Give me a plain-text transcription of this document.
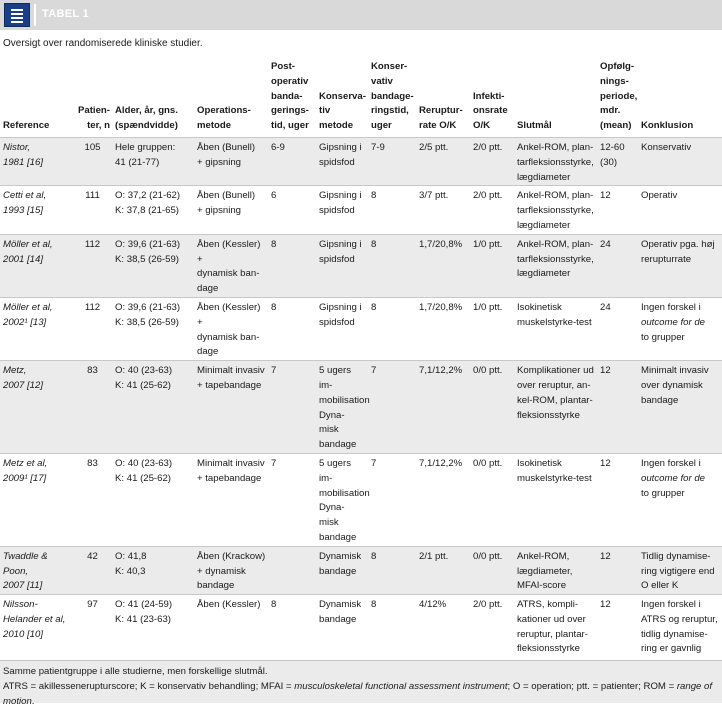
TABEL 1
Oversigt over randomiserede kliniske studier.
Reference	Patien-
ter, n	Alder, år, gns.
(spændvidde)	Operations-
metode	Post-
operativ
banda-
gerings-
tid, uger	Konserva-
tiv metode	Konser-
vativ
bandage-
ringstid,
uger	Reruptur-
rate O/K	Infekti-
onsrate
O/K	Slutmål	Opfølg-
nings-
periode,
mdr.
(mean)	Konklusion
Nistor,
1981 [16]	105	Hele gruppen:
41 (21-77)	Åben (Bunell)
+ gipsning	6-9	Gipsning i
spidsfod	7-9	2/5 ptt.	2/0 ptt.	Ankel-ROM, plan-
tarfleksionsstyrke,
lægdiameter	12-60
(30)	Konservativ
Cetti et al,
1993 [15]	111	O: 37,2 (21-62)
K: 37,8 (21-65)	Åben (Bunell)
+ gipsning	6	Gipsning i
spidsfod	8	3/7 ptt.	2/0 ptt.	Ankel-ROM, plan-
tarfleksionsstyrke,
lægdiameter	12	Operativ
Möller et al,
2001 [14]	112	O: 39,6 (21-63)
K: 38,5 (26-59)	Åben (Kessler) +
dynamisk ban-
dage	8	Gipsning i
spidsfod	8	1,7/20,8%	1/0 ptt.	Ankel-ROM, plan-
tarfleksionsstyrke,
lægdiameter	24	Operativ pga. høj
rerupturrate
Möller et al,
2002¹ [13]	112	O: 39,6 (21-63)
K: 38,5 (26-59)	Åben (Kessler) +
dynamisk ban-
dage	8	Gipsning i
spidsfod	8	1,7/20,8%	1/0 ptt.	Isokinetisk
muskelstyrke-test	24	Ingen forskel i
outcome for de
to grupper
Metz,
2007 [12]	83	O: 40 (23-63)
K: 41 (25-62)	Minimalt invasiv
+ tapebandage	7	5 ugers im-
mobilisation
Dyna-
misk
bandage	7	7,1/12,2%	0/0 ptt.	Komplikationer ud
over reruptur, an-
kel-ROM, plantar-
fleksionsstyrke	12	Minimalt invasiv
over dynamisk
bandage
Metz et al,
2009¹ [17]	83	O: 40 (23-63)
K: 41 (25-62)	Minimalt invasiv
+ tapebandage	7	5 ugers im-
mobilisation
Dyna-
misk
bandage	7	7,1/12,2%	0/0 ptt.	Isokinetisk
muskelstyrke-test	12	Ingen forskel i
outcome for de
to grupper
Twaddle &
Poon,
2007 [11]	42	O: 41,8
K: 40,3	Åben (Krackow)
+ dynamisk
bandage		Dynamisk
bandage	8	2/1 ptt.	0/0 ptt.	Ankel-ROM,
lægdiameter,
MFAI-score	12	Tidlig dynamise-
ring vigtigere end
O eller K
Nilsson-
Helander et al,
2010 [10]	97	O: 41 (24-59)
K: 41 (23-63)	Åben (Kessler)	8	Dynamisk
bandage	8	4/12%	2/0 ptt.	ATRS, kompli-
kationer ud over
reruptur, plantar-
fleksionsstyrke	12	Ingen forskel i
ATRS og reruptur,
tidlig dynamise-
ring er gavnlig
Samme patientgruppe i alle studierne, men forskellige slutmål.
ATRS = akillessenerupturscore; K = konservativ behandling; MFAI = musculoskeletal functional assessment instrument; O = operation; ptt. = patienter; ROM = range of motion.
